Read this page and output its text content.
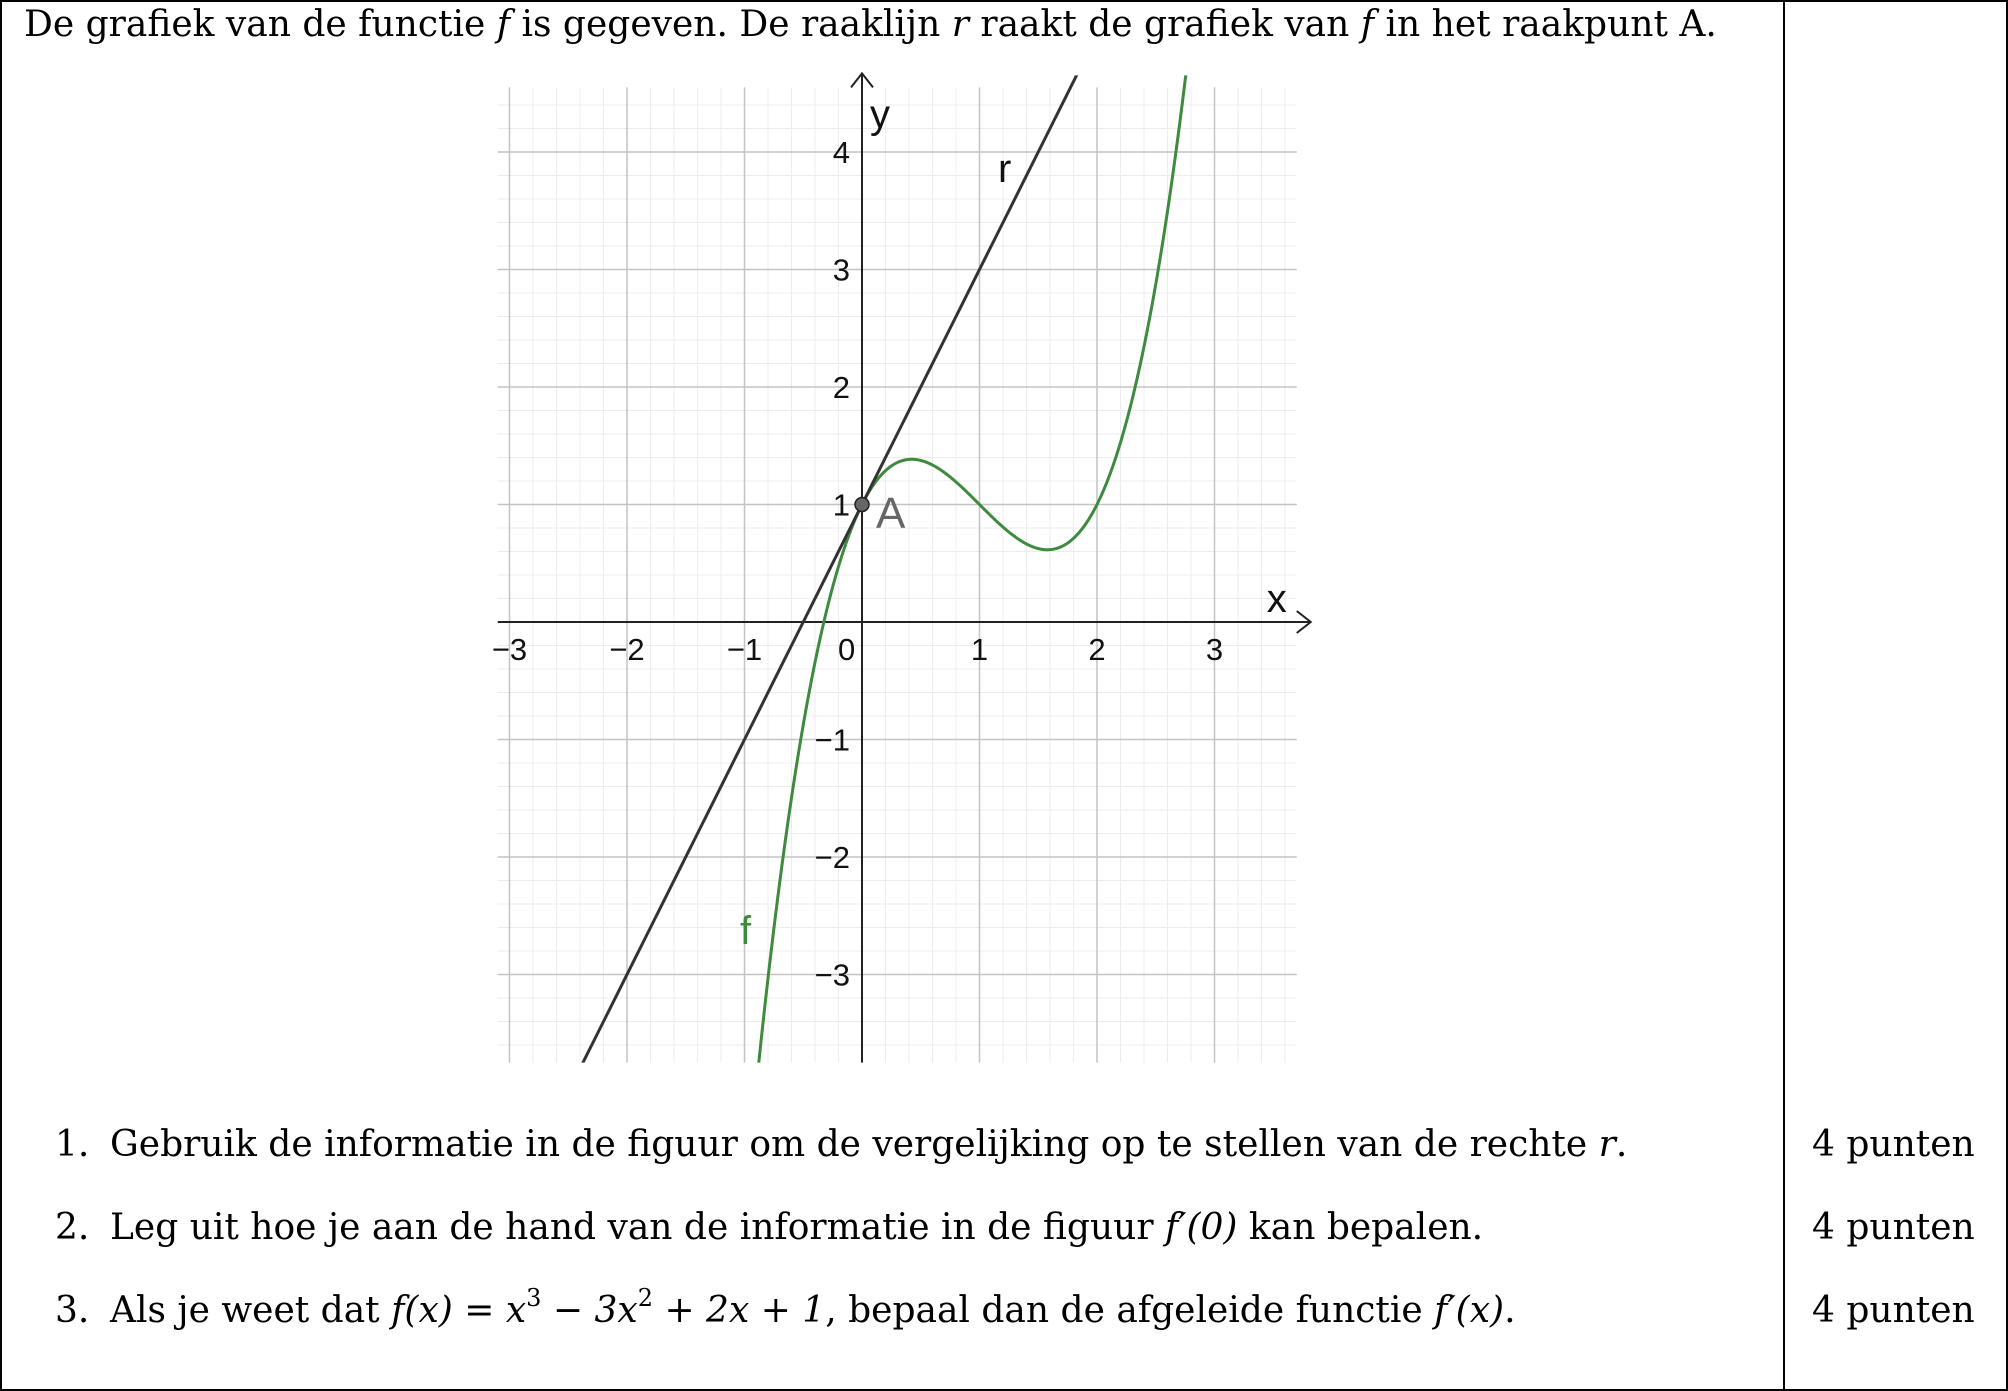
De grafiek van de functie f is gegeven. De raaklijn r raakt de grafiek van f in het raakpunt A.
x
y
−3	−2	−1 0	1	2	3
−3
−2
−1
1
2
3
4
f
r
A
1. Gebruik de informatie in de figuur om de vergelijking op te stellen van de rechte r.	4 punten
2. Leg uit hoe je aan de hand van de informatie in de figuur f′(0) kan bepalen.	4 punten
3. Als je weet dat $f(x) = x^3 - 3x^2 + 2x + 1$, bepaal dan de afgeleide functie f′(x).	4 punten
